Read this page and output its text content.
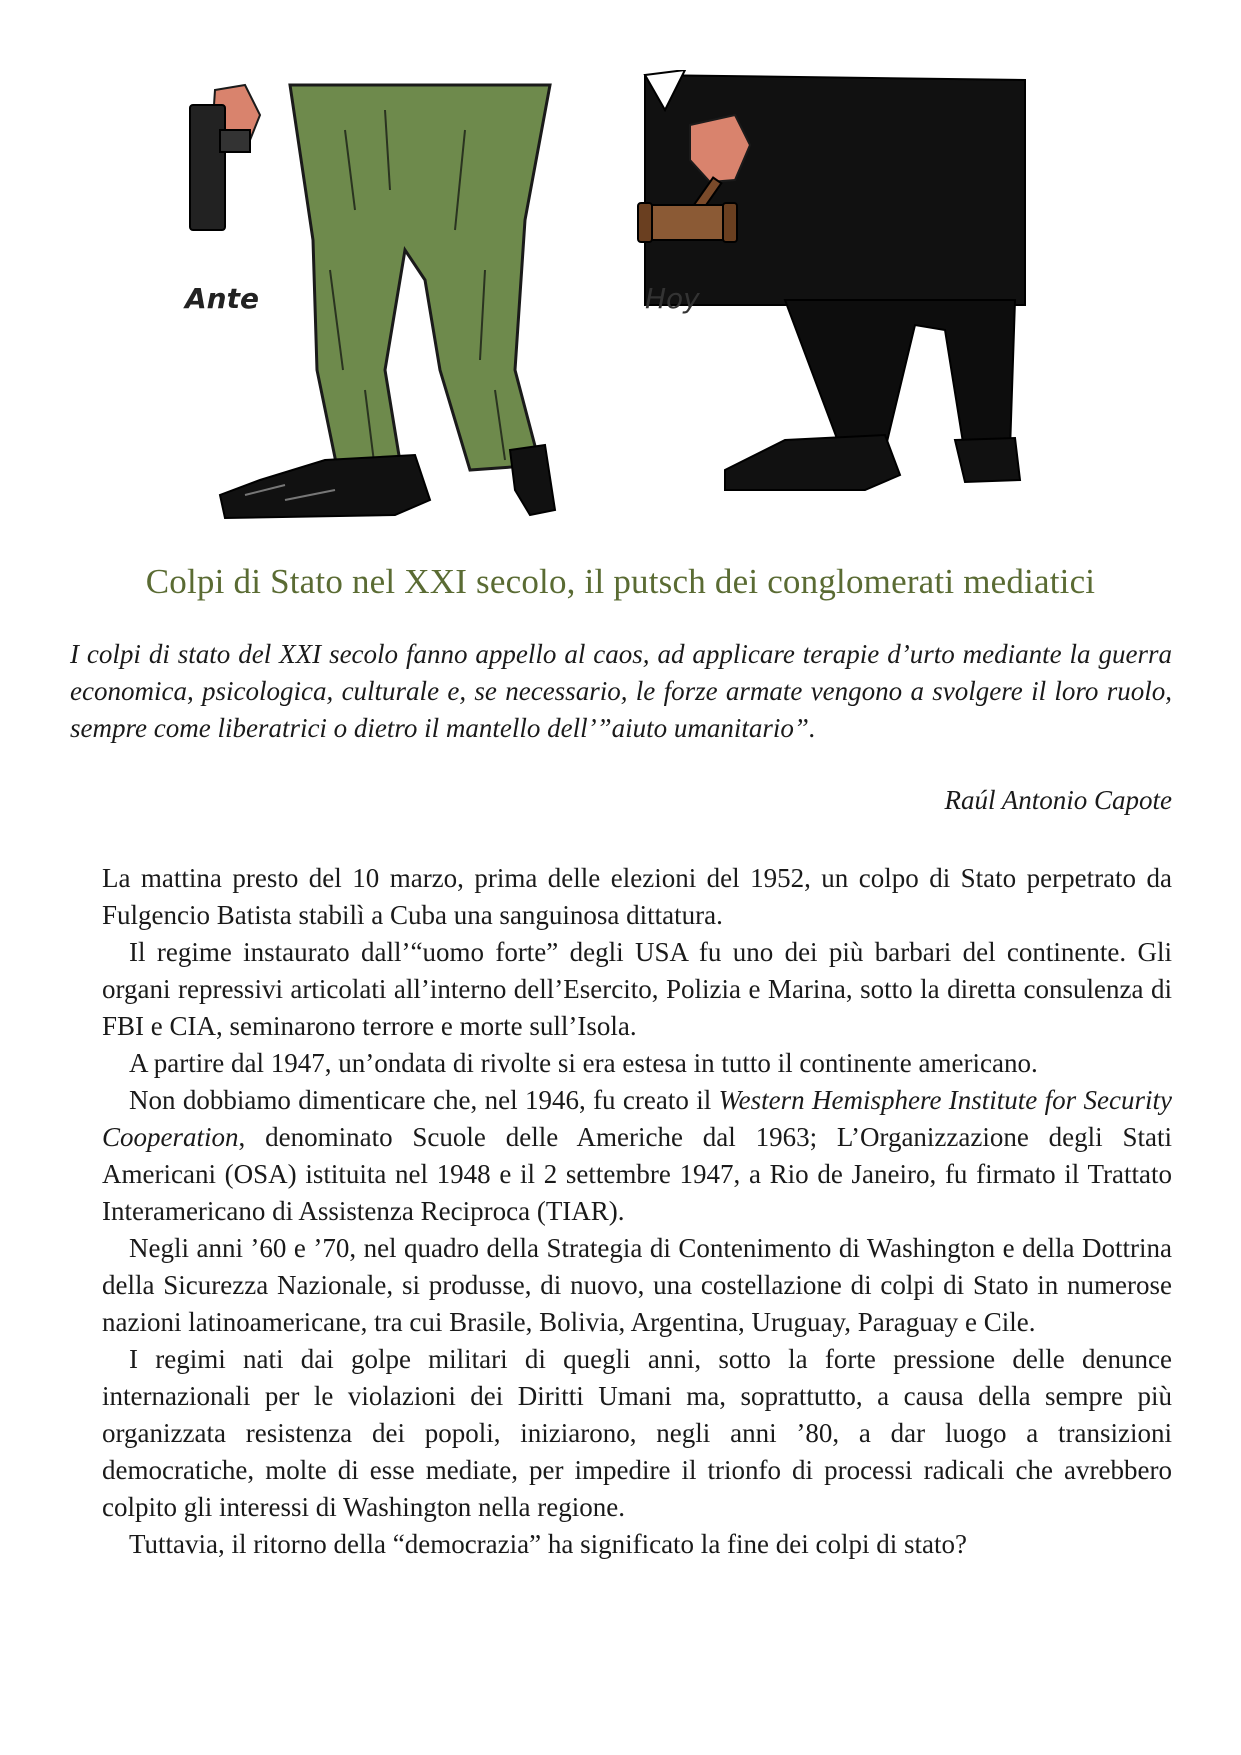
Ante	Hoy
Colpi di Stato nel XXI secolo, il putsch dei conglomerati mediatici

I colpi di stato del XXI secolo fanno appello al caos, ad applicare terapie d’urto mediante la guerra economica, psicologica, culturale e, se necessario, le forze armate vengono a svolgere il loro ruolo, sempre come liberatrici o dietro il mantello dell’”aiuto umanitario”.

Raúl Antonio Capote

La mattina presto del 10 marzo, prima delle elezioni del 1952, un colpo di Stato perpetrato da Fulgencio Batista stabilì a Cuba una sanguinosa dittatura.

 Il regime instaurato dall’“uomo forte” degli USA fu uno dei più barbari del continente. Gli organi repressivi articolati all’interno dell’Esercito, Polizia e Marina, sotto la diretta consulenza di FBI e CIA, seminarono terrore e morte sull’Isola.

 A partire dal 1947, un’ondata di rivolte si era estesa in tutto il continente americano.

 Non dobbiamo dimenticare che, nel 1946, fu creato il Western Hemisphere Institute for Security Cooperation, denominato Scuole delle Americhe dal 1963; L’Organizzazione degli Stati Americani (OSA) istituita nel 1948 e il 2 settembre 1947, a Rio de Janeiro, fu firmato il Trattato Interamericano di Assistenza Reciproca (TIAR).

 Negli anni ’60 e ’70, nel quadro della Strategia di Contenimento di Washington e della Dottrina della Sicurezza Nazionale, si produsse, di nuovo, una costellazione di colpi di Stato in numerose nazioni latinoamericane, tra cui Brasile, Bolivia, Argentina, Uruguay, Paraguay e Cile.

 I regimi nati dai golpe militari di quegli anni, sotto la forte pressione delle denunce internazionali per le violazioni dei Diritti Umani ma, soprattutto, a causa della sempre più organizzata resistenza dei popoli, iniziarono, negli anni ’80, a dar luogo a transizioni democratiche, molte di esse mediate, per impedire il trionfo di processi radicali che avrebbero colpito gli interessi di Washington nella regione.

 Tuttavia, il ritorno della “democrazia” ha significato la fine dei colpi di stato?
